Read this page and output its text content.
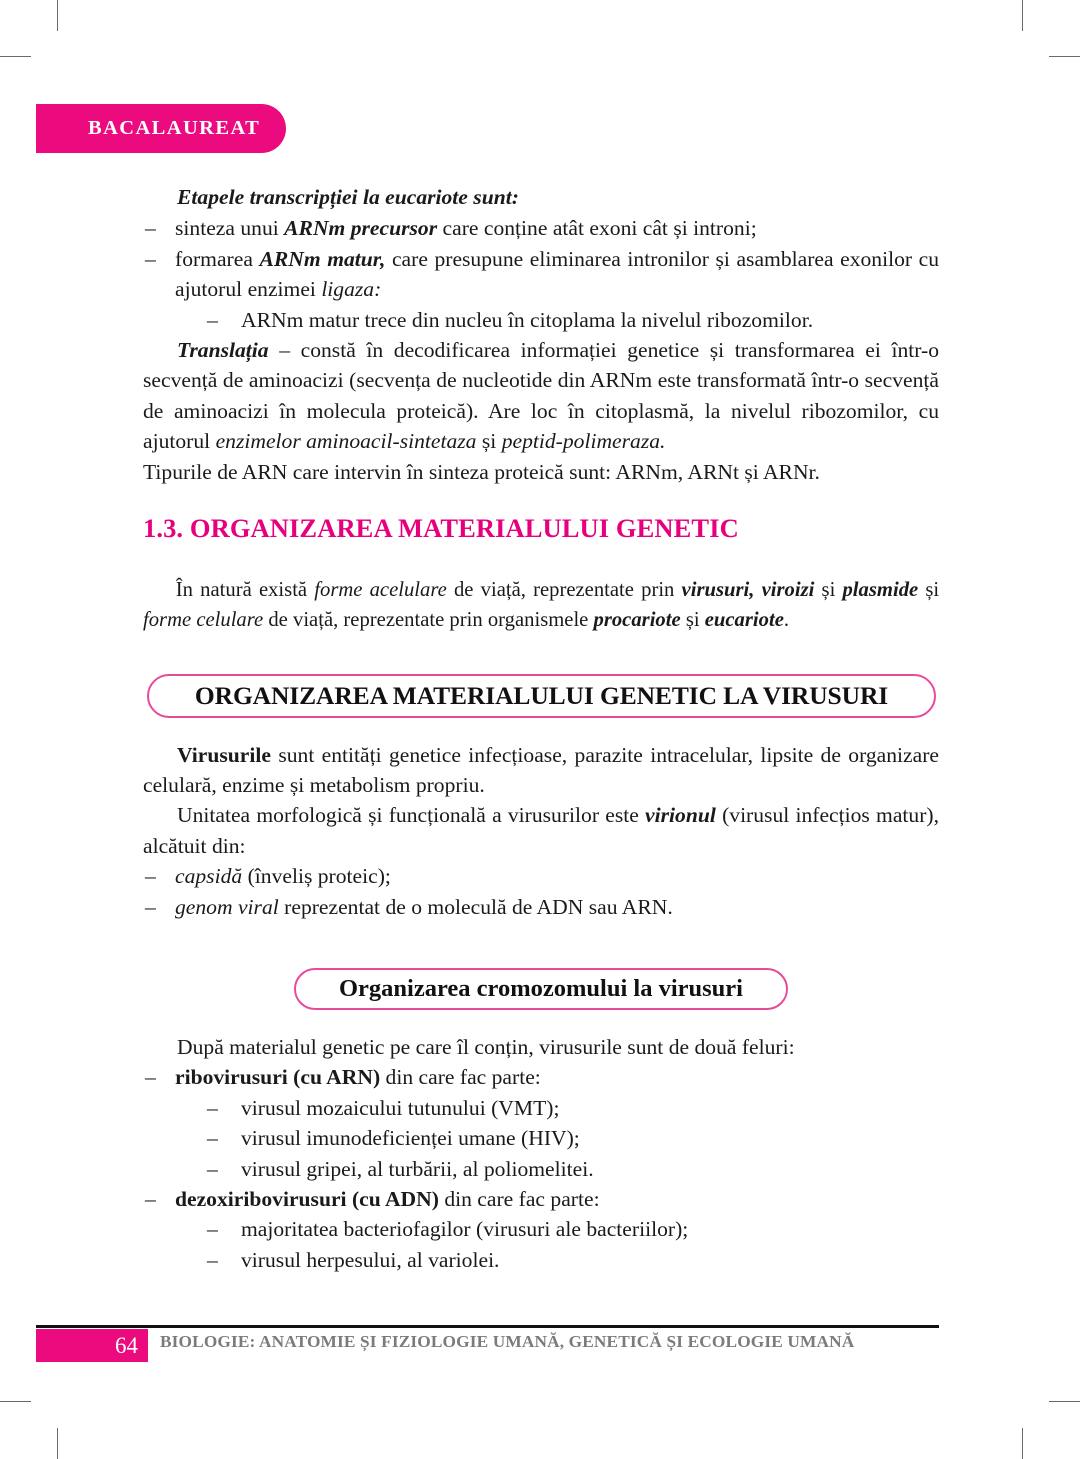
BACALAUREAT

Etapele transcripției la eucariote sunt:

– sinteza unui ARNm precursor care conține atât exoni cât și introni;
– formarea ARNm matur, care presupune eliminarea intronilor și asamblarea exonilor cu ajutorul enzimei ligaza:
– ARNm matur trece din nucleu în citoplama la nivelul ribozomilor.

Translația – constă în decodificarea informației genetice și transformarea ei într-o secvență de aminoacizi (secvența de nucleotide din ARNm este transformată într-o secvență de aminoacizi în molecula proteică). Are loc în citoplasmă, la nivelul ribozomilor, cu ajutorul enzimelor aminoacil-sintetaza și peptid-polimeraza.

Tipurile de ARN care intervin în sinteza proteică sunt: ARNm, ARNt și ARNr.

1.3. ORGANIZAREA MATERIALULUI GENETIC

În natură există forme acelulare de viață, reprezentate prin virusuri, viroizi și plasmide și forme celulare de viață, reprezentate prin organismele procariote și eucariote.

ORGANIZAREA MATERIALULUI GENETIC LA VIRUSURI

Virusurile sunt entități genetice infecțioase, parazite intracelular, lipsite de organizare celulară, enzime și metabolism propriu.

Unitatea morfologică și funcțională a virusurilor este virionul (virusul infecțios matur), alcătuit din:

– capsidă (înveliș proteic);
– genom viral reprezentat de o moleculă de ADN sau ARN.
Organizarea cromozomului la virusuri

După materialul genetic pe care îl conțin, virusurile sunt de două feluri:

– ribovirusuri (cu ARN) din care fac parte:
– virusul mozaicului tutunului (VMT);
– virusul imunodeficienței umane (HIV);
– virusul gripei, al turbării, al poliomelitei.
– dezoxiribovirusuri (cu ADN) din care fac parte:
– majoritatea bacteriofagilor (virusuri ale bacteriilor);
– virusul herpesului, al variolei.
64	BIOLOGIE: ANATOMIE ȘI FIZIOLOGIE UMANĂ, GENETICĂ ȘI ECOLOGIE UMANĂ
